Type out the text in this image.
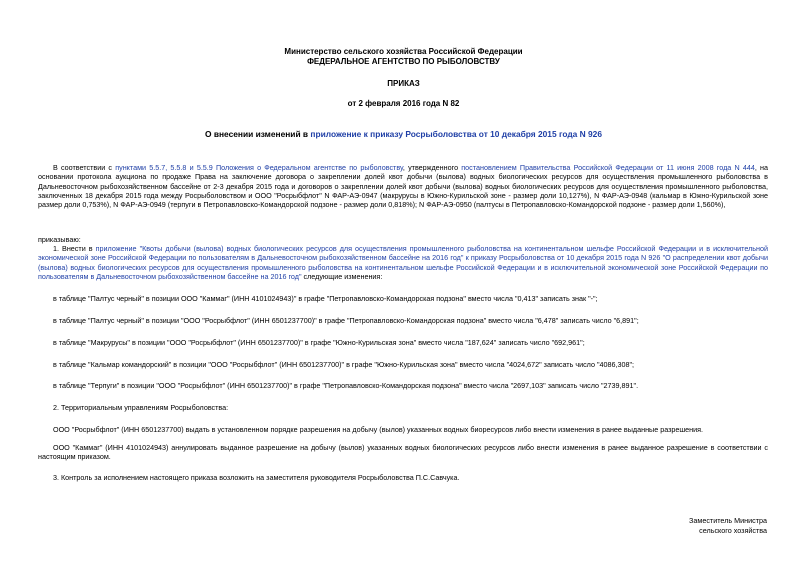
Министерство сельского хозяйства Российской Федерации
ФЕДЕРАЛЬНОЕ АГЕНТСТВО ПО РЫБОЛОВСТВУ
ПРИКАЗ
от 2 февраля 2016 года N 82
О внесении изменений в приложение к приказу Росрыболовства от 10 декабря 2015 года N 926
В соответствии с пунктами 5.5.7, 5.5.8 и 5.5.9 Положения о Федеральном агентстве по рыболовству, утвержденного постановлением Правительства Российской Федерации от 11 июня 2008 года N 444, на основании протокола аукциона по продаже Права на заключение договора о закреплении долей квот добычи (вылова) водных биологических ресурсов для осуществления промышленного рыболовства в Дальневосточном рыбохозяйственном бассейне от 2-3 декабря 2015 года и договоров о закреплении долей квот добычи (вылова) водных биологических ресурсов для осуществления промышленного рыболовства, заключенных 18 декабря 2015 года между Росрыболовством и ООО "Росрыбфлот" N ФАР-АЭ-0947 (макрурусы в Южно-Курильской зоне - размер доли 10,127%), N ФАР-АЭ-0948 (кальмар в Южно-Курильской зоне размер доли 0,753%), N ФАР-АЭ-0949 (терпуги в Петропавловско-Командорской подзоне - размер доли 0,818%); N ФАР-АЭ-0950 (палтусы в Петропавловско-Командорской подзоне - размер доли 1,560%),
приказываю:
1. Внести в приложение "Квоты добычи (вылова) водных биологических ресурсов для осуществления промышленного рыболовства на континентальном шельфе Российской Федерации и в исключительной экономической зоне Российской Федерации по пользователям в Дальневосточном рыбохозяйственном бассейне на 2016 год" к приказу Росрыболовства от 10 декабря 2015 года N 926 "О распределении квот добычи (вылова) водных биологических ресурсов для осуществления промышленного рыболовства на континентальном шельфе Российской Федерации и в исключительной экономической зоне Российской Федерации по пользователям в Дальневосточном рыбохозяйственном бассейне на 2016 год" следующие изменения:
в таблице "Палтус черный" в позиции ООО "Каммаг" (ИНН 4101024943)" в графе "Петропавловско-Командорская подзона" вместо числа "0,413" записать знак "-";
в таблице "Палтус черный" в позиции "ООО "Росрыбфлот" (ИНН 6501237700)" в графе "Петропавловско-Командорская подзона" вместо числа "6,478" записать число "6,891";
в таблице "Макрурусы" в позиции "ООО "Росрыбфлот" (ИНН 6501237700)" в графе "Южно-Курильская зона" вместо числа "187,624" записать число "692,961";
в таблице "Кальмар командорский" в позиции "ООО "Росрыбфлот" (ИНН 6501237700)" в графе "Южно-Курильская зона" вместо числа "4024,672" записать число "4086,308";
в таблице "Терпуги" в позиции "ООО "Росрыбфлот" (ИНН 6501237700)" в графе "Петропавловско-Командорская подзона" вместо числа "2697,103" записать число "2739,891".
2. Территориальным управлениям Росрыболовства:
ООО "Росрыбфлот" (ИНН 6501237700) выдать в установленном порядке разрешения на добычу (вылов) указанных водных биоресурсов либо внести изменения в ранее выданные разрешения.
ООО "Каммаг" (ИНН 4101024943) аннулировать выданное разрешение на добычу (вылов) указанных водных биологических ресурсов либо внести изменения в ранее выданное разрешение в соответствии с настоящим приказом.
3. Контроль за исполнением настоящего приказа возложить на заместителя руководителя Росрыболовства П.С.Савчука.
Заместитель Министра
сельского хозяйства
